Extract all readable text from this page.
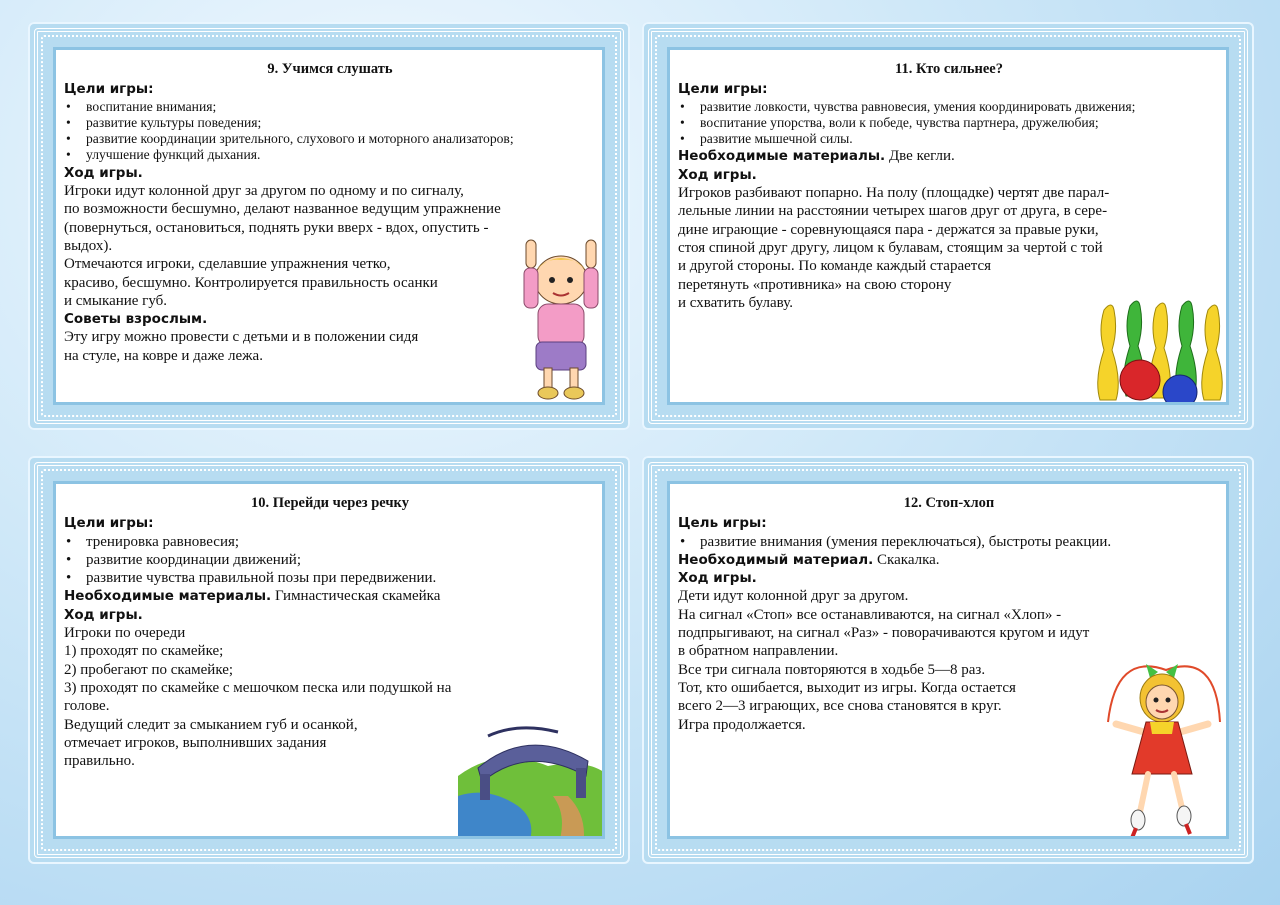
9. Учимся слушать
Цели игры:
• воспитание внимания;
• развитие культуры поведения;
• развитие координации зрительного, слухового и моторного анализаторов;
• улучшение функций дыхания.
Ход игры.

Игроки идут колонной друг за другом по одному и по сигналу,

по возможности бесшумно, делают названное ведущим упражнение

(повернуться, остановиться, поднять руки вверх - вдох, опустить -

выдох).

Отмечаются игроки, сделавшие упражнения четко,

красиво, бесшумно. Контролируется правильность осанки

и смыкание губ.

Советы взрослым.

Эту игру можно провести с детьми и в положении сидя

на стуле, на ковре и даже лежа.

11. Кто сильнее?
Цели игры:
• развитие ловкости, чувства равновесия, умения координировать движения;
• воспитание упорства, воли к победе, чувства партнера, дружелюбия;
• развитие мышечной силы.
Необходимые материалы. Две кегли.
Ход игры.

Игроков разбивают попарно. На полу (площадке) чертят две парал-

лельные линии на расстоянии четырех шагов друг от друга, в сере-

дине играющие - соревнующаяся пара - держатся за правые руки,

стоя спиной друг другу, лицом к булавам, стоящим за чертой с той

и другой стороны. По команде каждый старается

перетянуть «противника» на свою сторону

и схватить булаву.

10. Перейди через речку
Цели игры:
• тренировка равновесия;
• развитие координации движений;
• развитие чувства правильной позы при передвижении.
Необходимые материалы. Гимнастическая скамейка
Ход игры.

Игроки по очереди

1) проходят по скамейке;

2) пробегают по скамейке;

3) проходят по скамейке с мешочком песка или подушкой на

голове.

Ведущий следит за смыканием губ и осанкой,

отмечает игроков, выполнивших задания

правильно.

12. Стоп-хлоп
Цель игры:
• развитие внимания (умения переключаться), быстроты реакции.
Необходимый материал. Скакалка.
Ход игры.

Дети идут колонной друг за другом.

На сигнал «Стоп» все останавливаются, на сигнал «Хлоп» -

подпрыгивают, на сигнал «Раз» - поворачиваются кругом и идут

в обратном направлении.

Все три сигнала повторяются в ходьбе 5—8 раз.

Тот, кто ошибается, выходит из игры. Когда остается

всего 2—3 играющих, все снова становятся в круг.

Игра продолжается.
